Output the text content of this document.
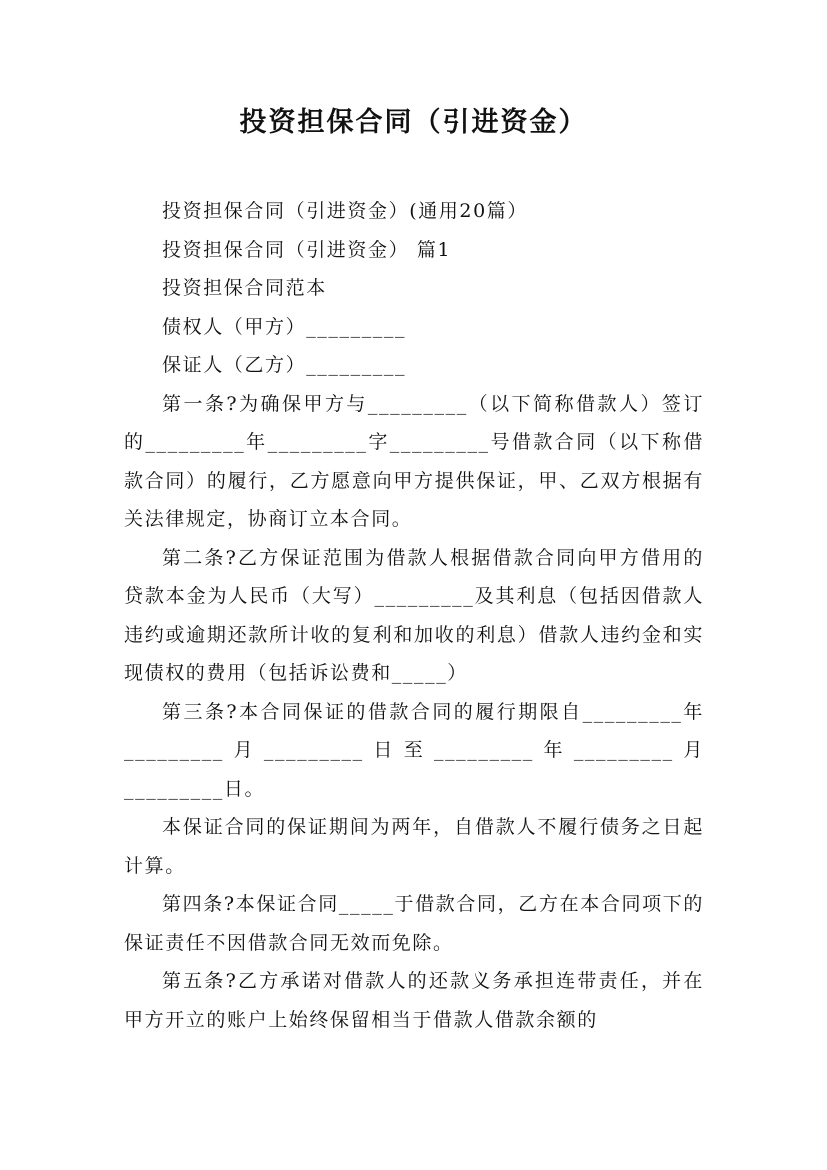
投资担保合同（引进资金）

投资担保合同（引进资金）(通用20篇）

投资担保合同（引进资金） 篇1

投资担保合同范本

债权人（甲方）_________

保证人（乙方）_________

第一条?为确保甲方与_________（以下简称借款人）签订的_________年_________字_________号借款合同（以下称借款合同）的履行，乙方愿意向甲方提供保证，甲、乙双方根据有关法律规定，协商订立本合同。

第二条?乙方保证范围为借款人根据借款合同向甲方借用的贷款本金为人民币（大写）_________及其利息（包括因借款人违约或逾期还款所计收的复利和加收的利息）借款人违约金和实现债权的费用（包括诉讼费和_____）

第三条?本合同保证的借款合同的履行期限自_________年_________月_________日至_________年_________月_________日。

本保证合同的保证期间为两年，自借款人不履行债务之日起计算。

第四条?本保证合同_____于借款合同，乙方在本合同项下的保证责任不因借款合同无效而免除。

第五条?乙方承诺对借款人的还款义务承担连带责任，并在甲方开立的账户上始终保留相当于借款人借款余额的
